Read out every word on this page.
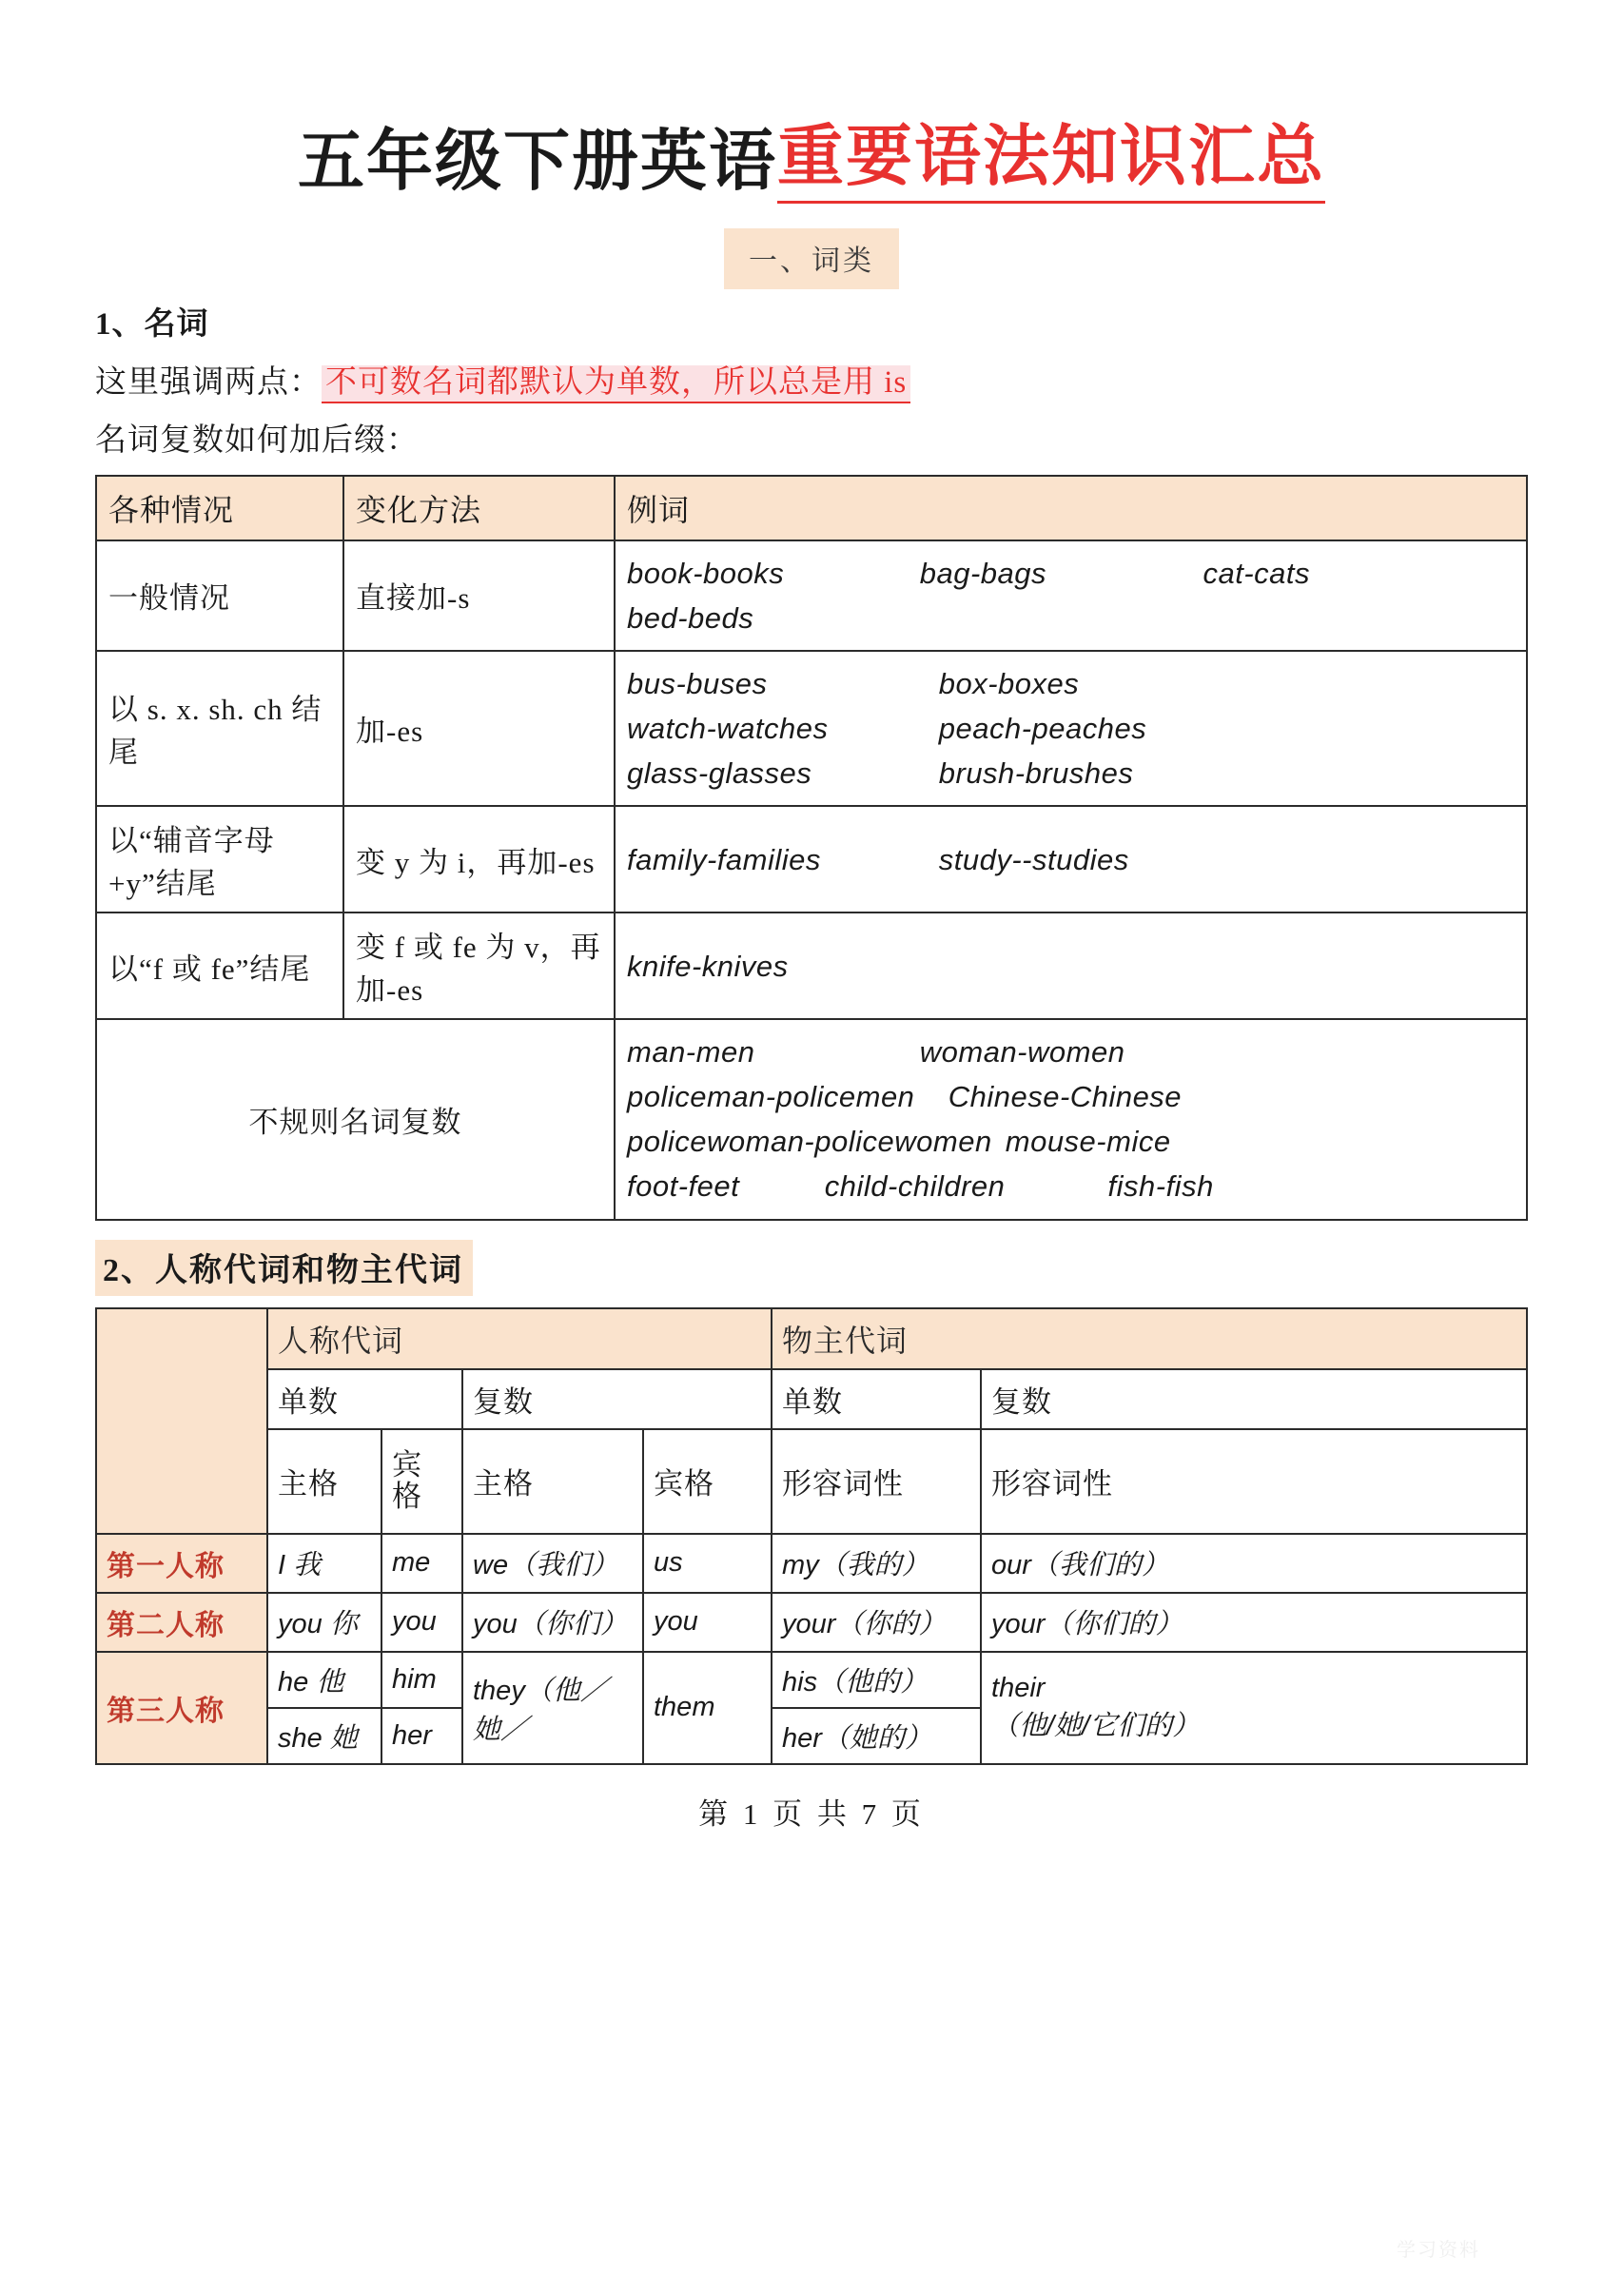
五年级下册英语 重要语法知识汇总
一、词类
1、名词
这里强调两点： 不可数名词都默认为单数，所以总是用 is
名词复数如何加后缀：
各种情况	变化方法	例词
一般情况	直接加-s	book-books bag-bags cat-cats
bed-beds

以 s. x. sh. ch 结尾	加-es	bus-buses box-boxes
watch-watches peach-peaches
glass-glasses brush-brushes

以“辅音字母+y”结尾	变 y 为 i，再加-es	family-families study--studies

以“f 或 fe”结尾	变 f 或 fe 为 v，再加-es	knife-knives

不规则名词复数		man-men woman-women
policeman-policemen Chinese-Chinese
policewoman-policewomen mouse-mice
foot-feet child-children fish-fish
2、人称代词和物主代词
	人称代词				物主代词	
	单数		复数		单数	复数
	主格	宾格	主格	宾格	形容词性	形容词性
第一人称	I 我	me	we（我们）	us	my（我的）	our（我们的）
第二人称	you 你	you	you（你们）	you	your（你的）	your（你们的）
第三人称	he 他	him	they（他／她／	them	his（他的）	their
（他/她/它们的）

	she 她	her			her（她的）	
第 1 页 共 7 页
学习资料
